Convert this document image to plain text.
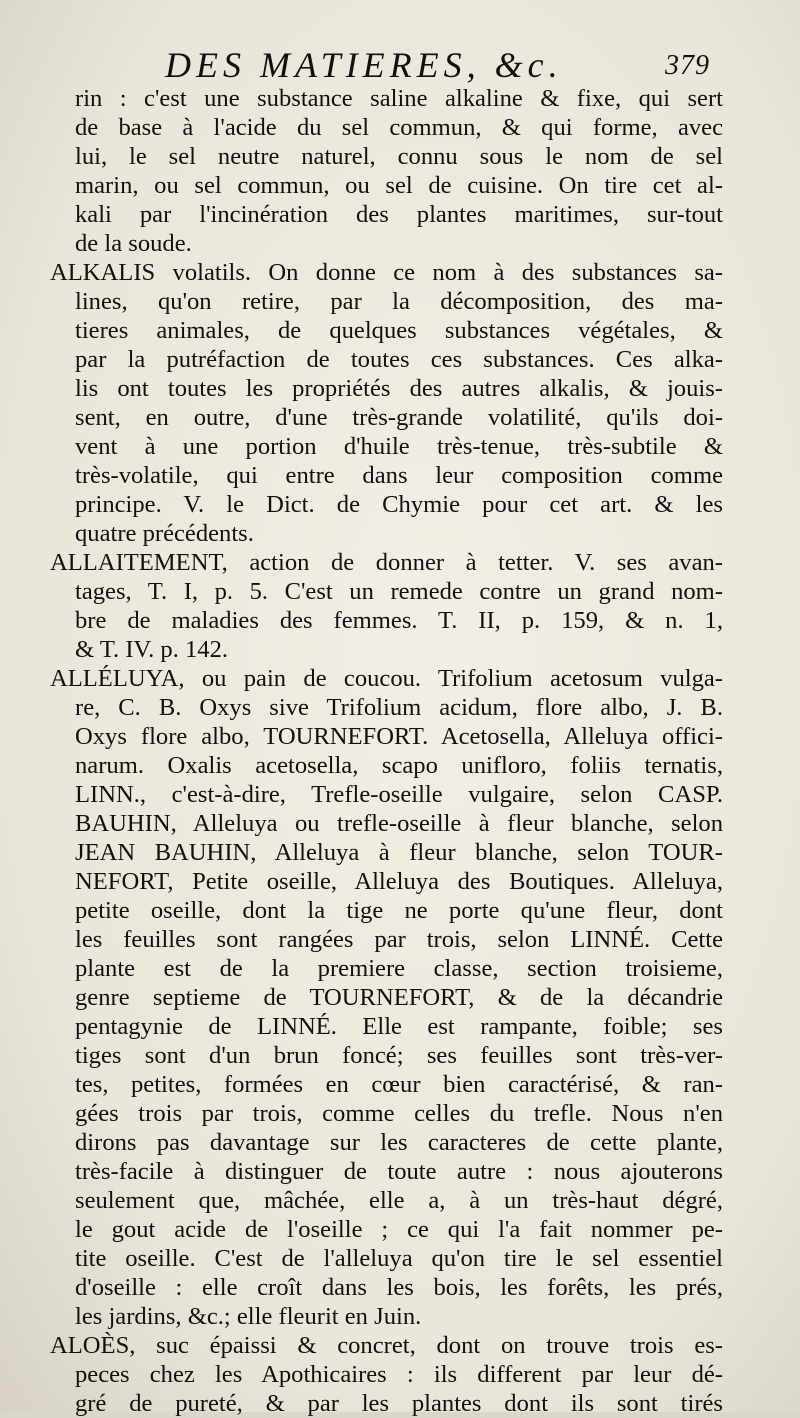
DES MATIERES, &c.	379
rin : c'est une substance saline alkaline & fixe, qui sert
de base à l'acide du sel commun, & qui forme, avec
lui, le sel neutre naturel, connu sous le nom de sel
marin, ou sel commun, ou sel de cuisine. On tire cet al-
kali par l'incinération des plantes maritimes, sur-tout
de la soude.
ALKALIS volatils. On donne ce nom à des substances sa-
lines, qu'on retire, par la décomposition, des ma-
tieres animales, de quelques substances végétales, &
par la putréfaction de toutes ces substances. Ces alka-
lis ont toutes les propriétés des autres alkalis, & jouis-
sent, en outre, d'une très-grande volatilité, qu'ils doi-
vent à une portion d'huile très-tenue, très-subtile &
très-volatile, qui entre dans leur composition comme
principe. V. le Dict. de Chymie pour cet art. & les
quatre précédents.
ALLAITEMENT, action de donner à tetter. V. ses avan-
tages, T. I, p. 5. C'est un remede contre un grand nom-
bre de maladies des femmes. T. II, p. 159, & n. 1,
& T. IV. p. 142.
ALLÉLUYA, ou pain de coucou. Trifolium acetosum vulga-
re, C. B. Oxys sive Trifolium acidum, flore albo, J. B.
Oxys flore albo, TOURNEFORT. Acetosella, Alleluya offici-
narum. Oxalis acetosella, scapo unifloro, foliis ternatis,
LINN., c'est-à-dire, Trefle-oseille vulgaire, selon CASP.
BAUHIN, Alleluya ou trefle-oseille à fleur blanche, selon
JEAN BAUHIN, Alleluya à fleur blanche, selon TOUR-
NEFORT, Petite oseille, Alleluya des Boutiques. Alleluya,
petite oseille, dont la tige ne porte qu'une fleur, dont
les feuilles sont rangées par trois, selon LINNÉ. Cette
plante est de la premiere classe, section troisieme,
genre septieme de TOURNEFORT, & de la décandrie
pentagynie de LINNÉ. Elle est rampante, foible; ses
tiges sont d'un brun foncé; ses feuilles sont très-ver-
tes, petites, formées en cœur bien caractérisé, & ran-
gées trois par trois, comme celles du trefle. Nous n'en
dirons pas davantage sur les caracteres de cette plante,
très-facile à distinguer de toute autre : nous ajouterons
seulement que, mâchée, elle a, à un très-haut dégré,
le gout acide de l'oseille ; ce qui l'a fait nommer pe-
tite oseille. C'est de l'alleluya qu'on tire le sel essentiel
d'oseille : elle croît dans les bois, les forêts, les prés,
les jardins, &c.; elle fleurit en Juin.
ALOÈS, suc épaissi & concret, dont on trouve trois es-
peces chez les Apothicaires : ils different par leur dé-
gré de pureté, & par les plantes dont ils sont tirés
